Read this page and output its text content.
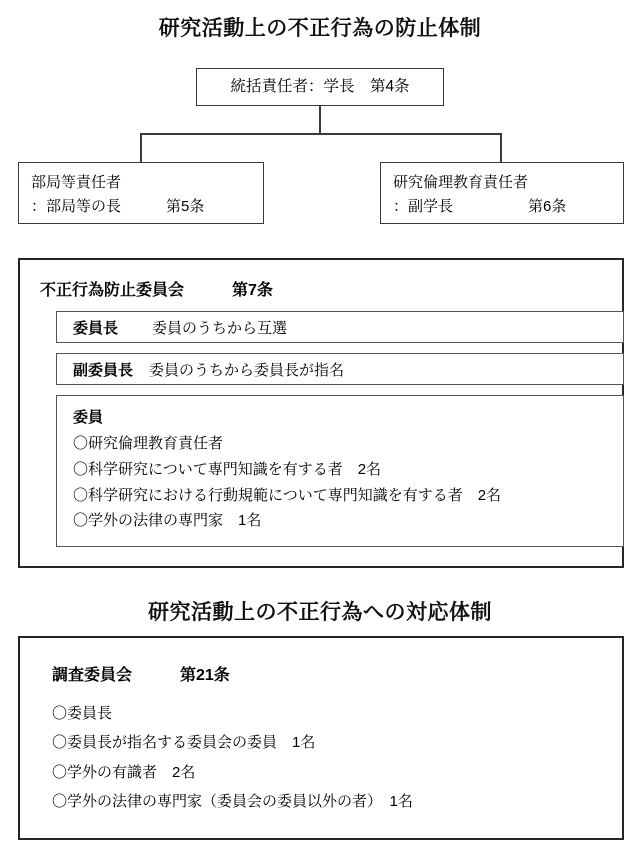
研究活動上の不正行為の防止体制
統括責任者：学長　第4条
部局等責任者
：部局等の長　　　第5条
研究倫理教育責任者
：副学長　　　　　第6条
不正行為防止委員会　　　第7条
委員長 委員のうちから互選
副委員長 委員のうちから委員長が指名
委員
〇研究倫理教育責任者
〇科学研究について専門知識を有する者　2名
〇科学研究における行動規範について専門知識を有する者　2名
〇学外の法律の専門家　1名
研究活動上の不正行為への対応体制
調査委員会　　　第21条
〇委員長
〇委員長が指名する委員会の委員　1名
〇学外の有識者　2名
〇学外の法律の専門家（委員会の委員以外の者）　1名
